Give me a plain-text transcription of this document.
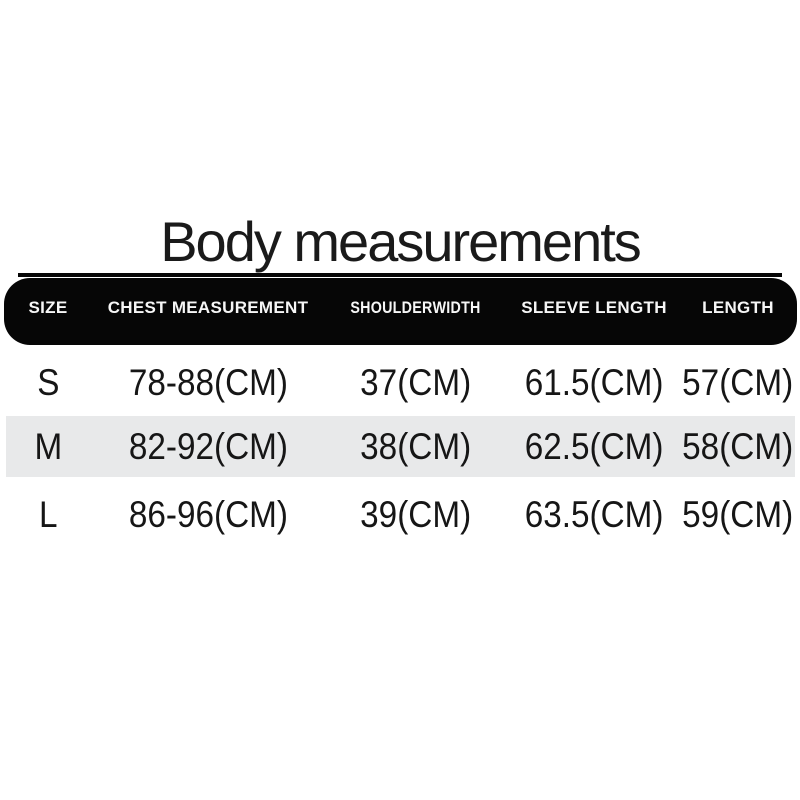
Body measurements
SIZE	CHEST MEASUREMENT	SHOULDER WIDTH	SLEEVE LENGTH	LENGTH
S	78-88(CM)	37(CM)	61.5(CM) 57(CM)
M	82-92(CM)	38(CM)	62.5(CM) 58(CM)
L	86-96(CM)	39(CM)	63.5(CM) 59(CM)
